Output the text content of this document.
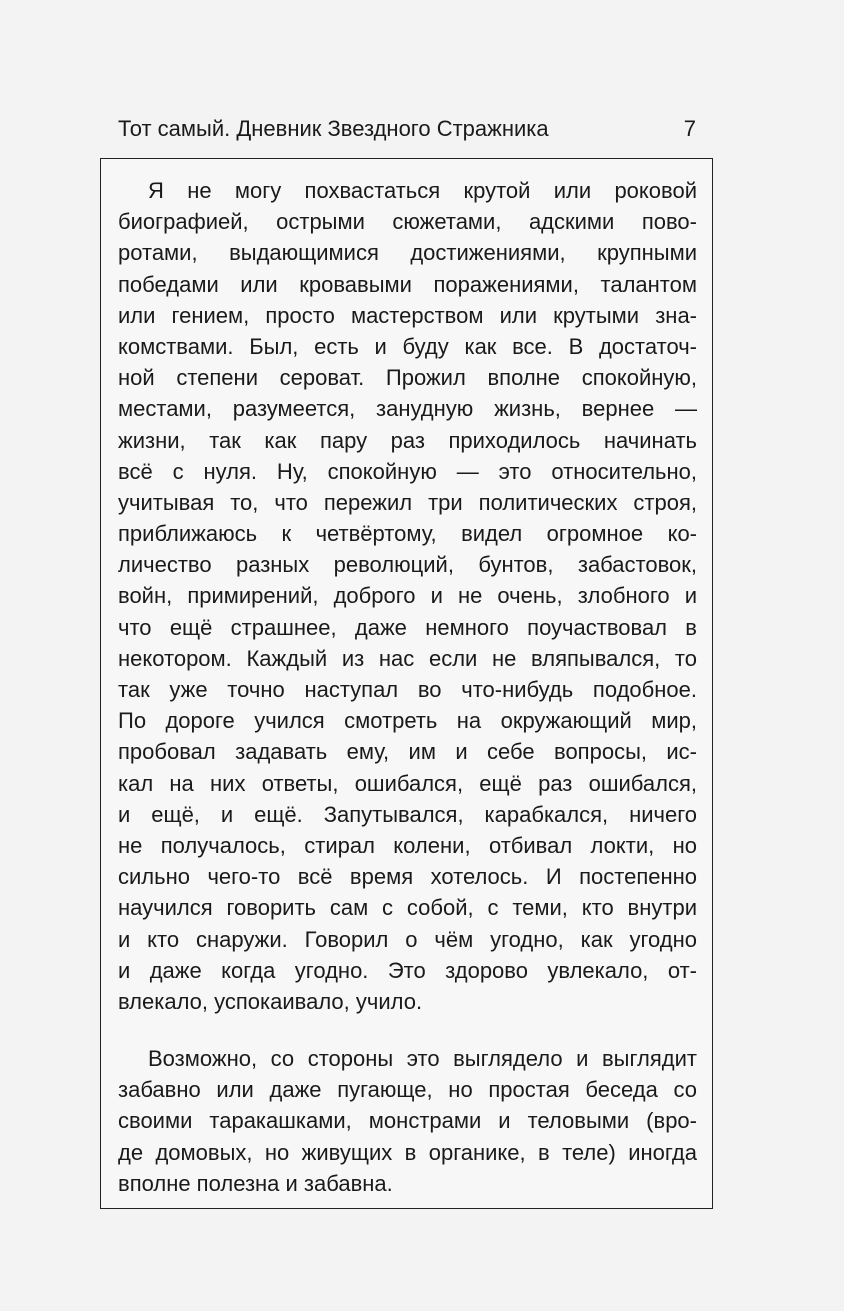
Тот самый. Дневник Звездного Стражника	7
Я не могу похвастаться крутой или роковой
биографией, острыми сюжетами, адскими пово-
ротами, выдающимися достижениями, крупными
победами или кровавыми поражениями, талантом
или гением, просто мастерством или крутыми зна-
комствами. Был, есть и буду как все. В достаточ-
ной степени сероват. Прожил вполне спокойную,
местами, разумеется, занудную жизнь, вернее —
жизни, так как пару раз приходилось начинать
всё с нуля. Ну, спокойную — это относительно,
учитывая то, что пережил три политических строя,
приближаюсь к четвёртому, видел огромное ко-
личество разных революций, бунтов, забастовок,
войн, примирений, доброго и не очень, злобного и
что ещё страшнее, даже немного поучаствовал в
некотором. Каждый из нас если не вляпывался, то
так уже точно наступал во что-нибудь подобное.
По дороге учился смотреть на окружающий мир,
пробовал задавать ему, им и себе вопросы, ис-
кал на них ответы, ошибался, ещё раз ошибался,
и ещё, и ещё. Запутывался, карабкался, ничего
не получалось, стирал колени, отбивал локти, но
сильно чего-то всё время хотелось. И постепенно
научился говорить сам с собой, с теми, кто внутри
и кто снаружи. Говорил о чём угодно, как угодно
и даже когда угодно. Это здорово увлекало, от-
влекало, успокаивало, учило.
Возможно, со стороны это выглядело и выглядит
забавно или даже пугающе, но простая беседа со
своими таракашками, монстрами и теловыми (вро-
де домовых, но живущих в органике, в теле) иногда
вполне полезна и забавна.
